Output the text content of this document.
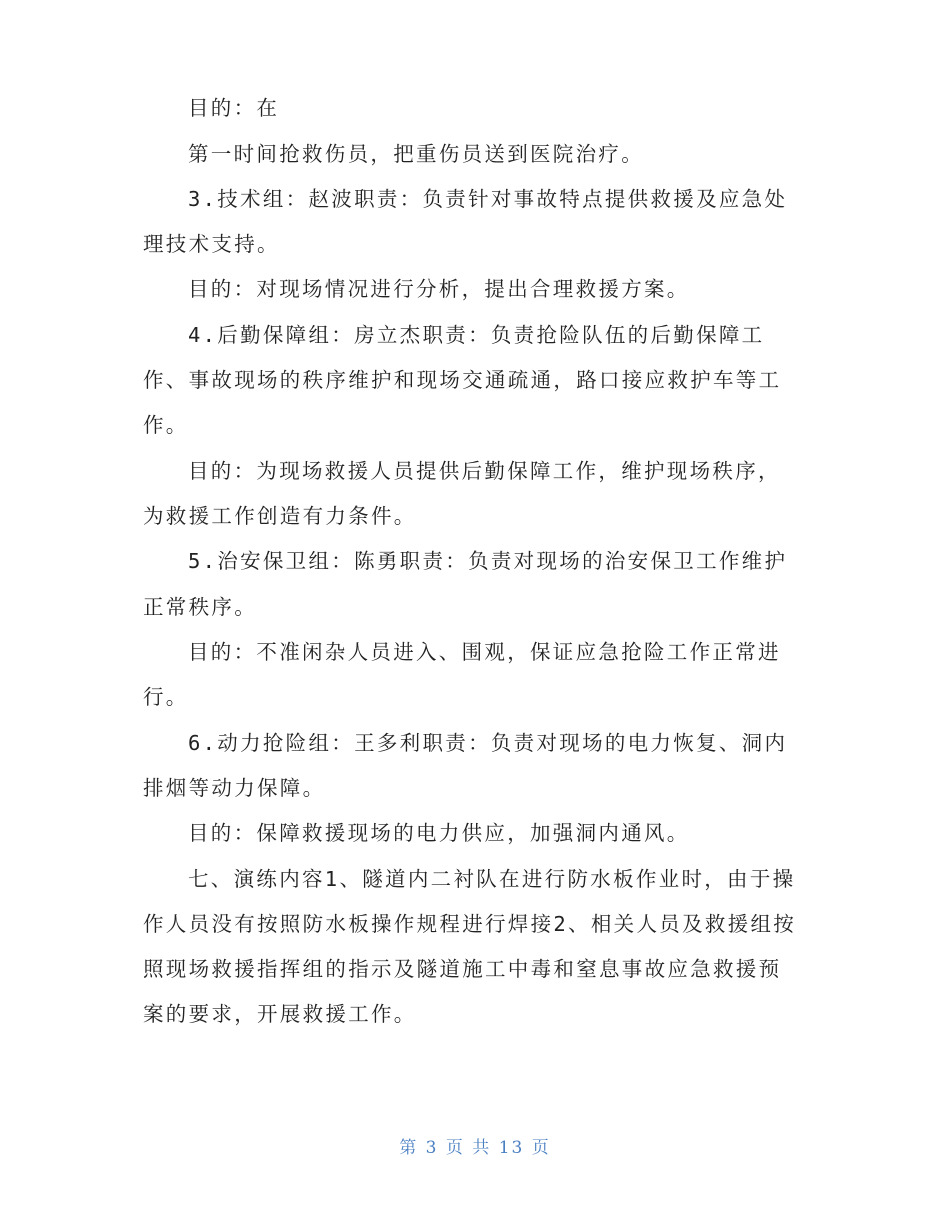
目的：在
第一时间抢救伤员，把重伤员送到医院治疗。
3.技术组：赵波职责：负责针对事故特点提供救援及应急处
理技术支持。
目的：对现场情况进行分析，提出合理救援方案。
4.后勤保障组：房立杰职责：负责抢险队伍的后勤保障工
作、事故现场的秩序维护和现场交通疏通，路口接应救护车等工
作。
目的：为现场救援人员提供后勤保障工作，维护现场秩序，
为救援工作创造有力条件。
5.治安保卫组：陈勇职责：负责对现场的治安保卫工作维护
正常秩序。
目的：不准闲杂人员进入、围观，保证应急抢险工作正常进
行。
6.动力抢险组：王多利职责：负责对现场的电力恢复、洞内
排烟等动力保障。
目的：保障救援现场的电力供应，加强洞内通风。
七、演练内容1、隧道内二衬队在进行防水板作业时，由于操
作人员没有按照防水板操作规程进行焊接2、相关人员及救援组按
照现场救援指挥组的指示及隧道施工中毒和窒息事故应急救援预
案的要求，开展救援工作。
第 3 页 共 13 页
